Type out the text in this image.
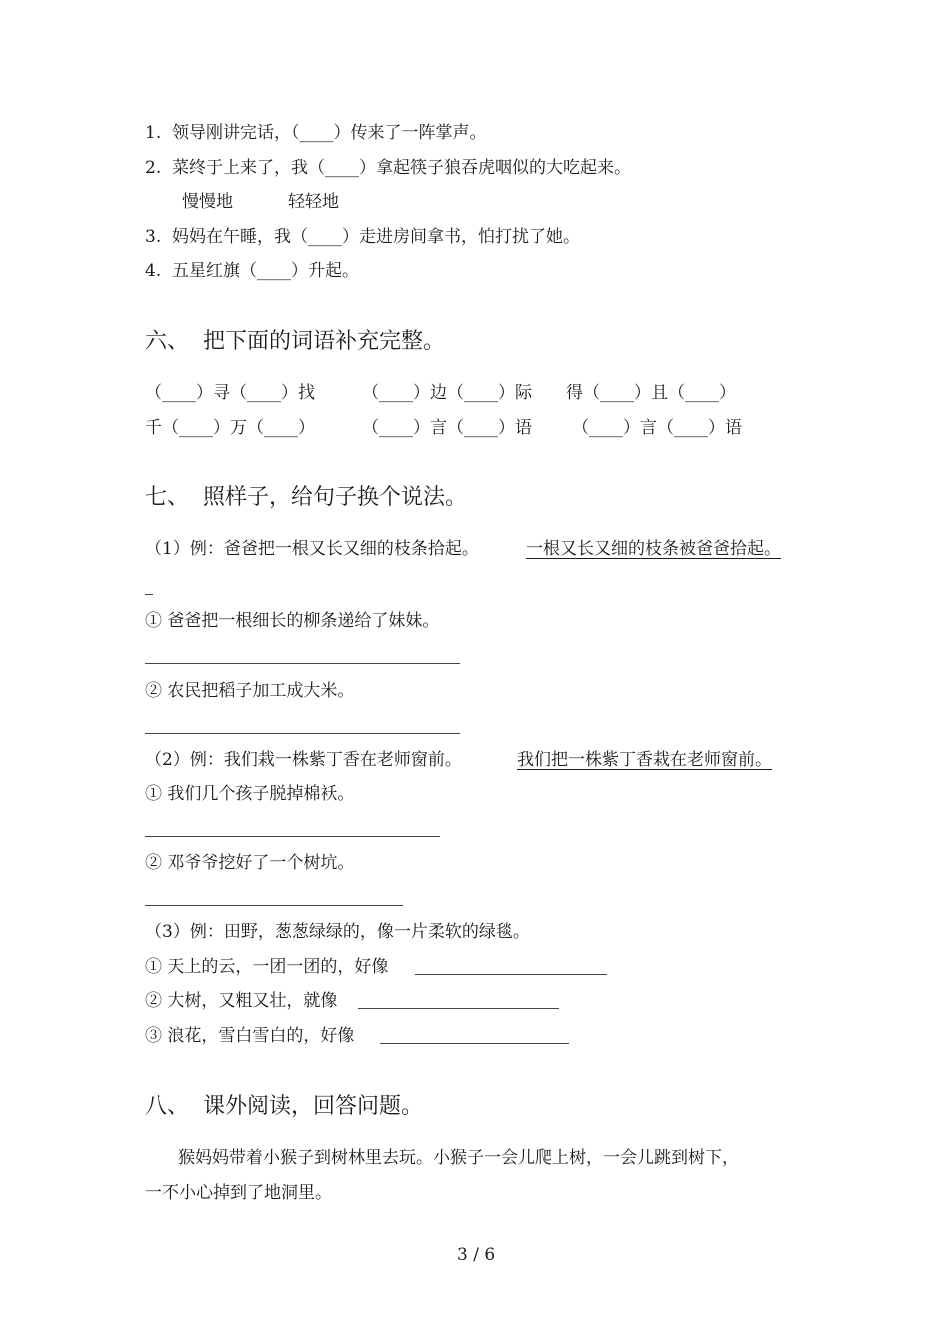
1.  领导刚讲完话，（____）传来了一阵掌声。
2.  菜终于上来了，我（____）拿起筷子狼吞虎咽似的大吃起来。
慢慢地	轻轻地
3.  妈妈在午睡，我（____）走进房间拿书，怕打扰了她。
4.  五星红旗（____）升起。
六、  把下面的词语补充完整。
（____）寻（____）找	（____）边（____）际 得（____）且（____）
千（____）万（____）	（____）言（____）语 （____）言（____）语
七、  照样子，给句子换个说法。
（1）例：爸爸把一根又长又细的枝条拾起。	一根又长又细的枝条被爸爸拾起。
① 爸爸把一根细长的柳条递给了妹妹。
② 农民把稻子加工成大米。
（2）例：我们栽一株紫丁香在老师窗前。	我们把一株紫丁香栽在老师窗前。
① 我们几个孩子脱掉棉袄。
② 邓爷爷挖好了一个树坑。
（3）例：田野，葱葱绿绿的，像一片柔软的绿毯。
① 天上的云，一团一团的，好像
② 大树，又粗又壮，就像
③ 浪花，雪白雪白的，好像
八、  课外阅读，回答问题。
猴妈妈带着小猴子到树林里去玩。小猴子一会儿爬上树，一会儿跳到树下，
一不小心掉到了地洞里。
3 / 6
